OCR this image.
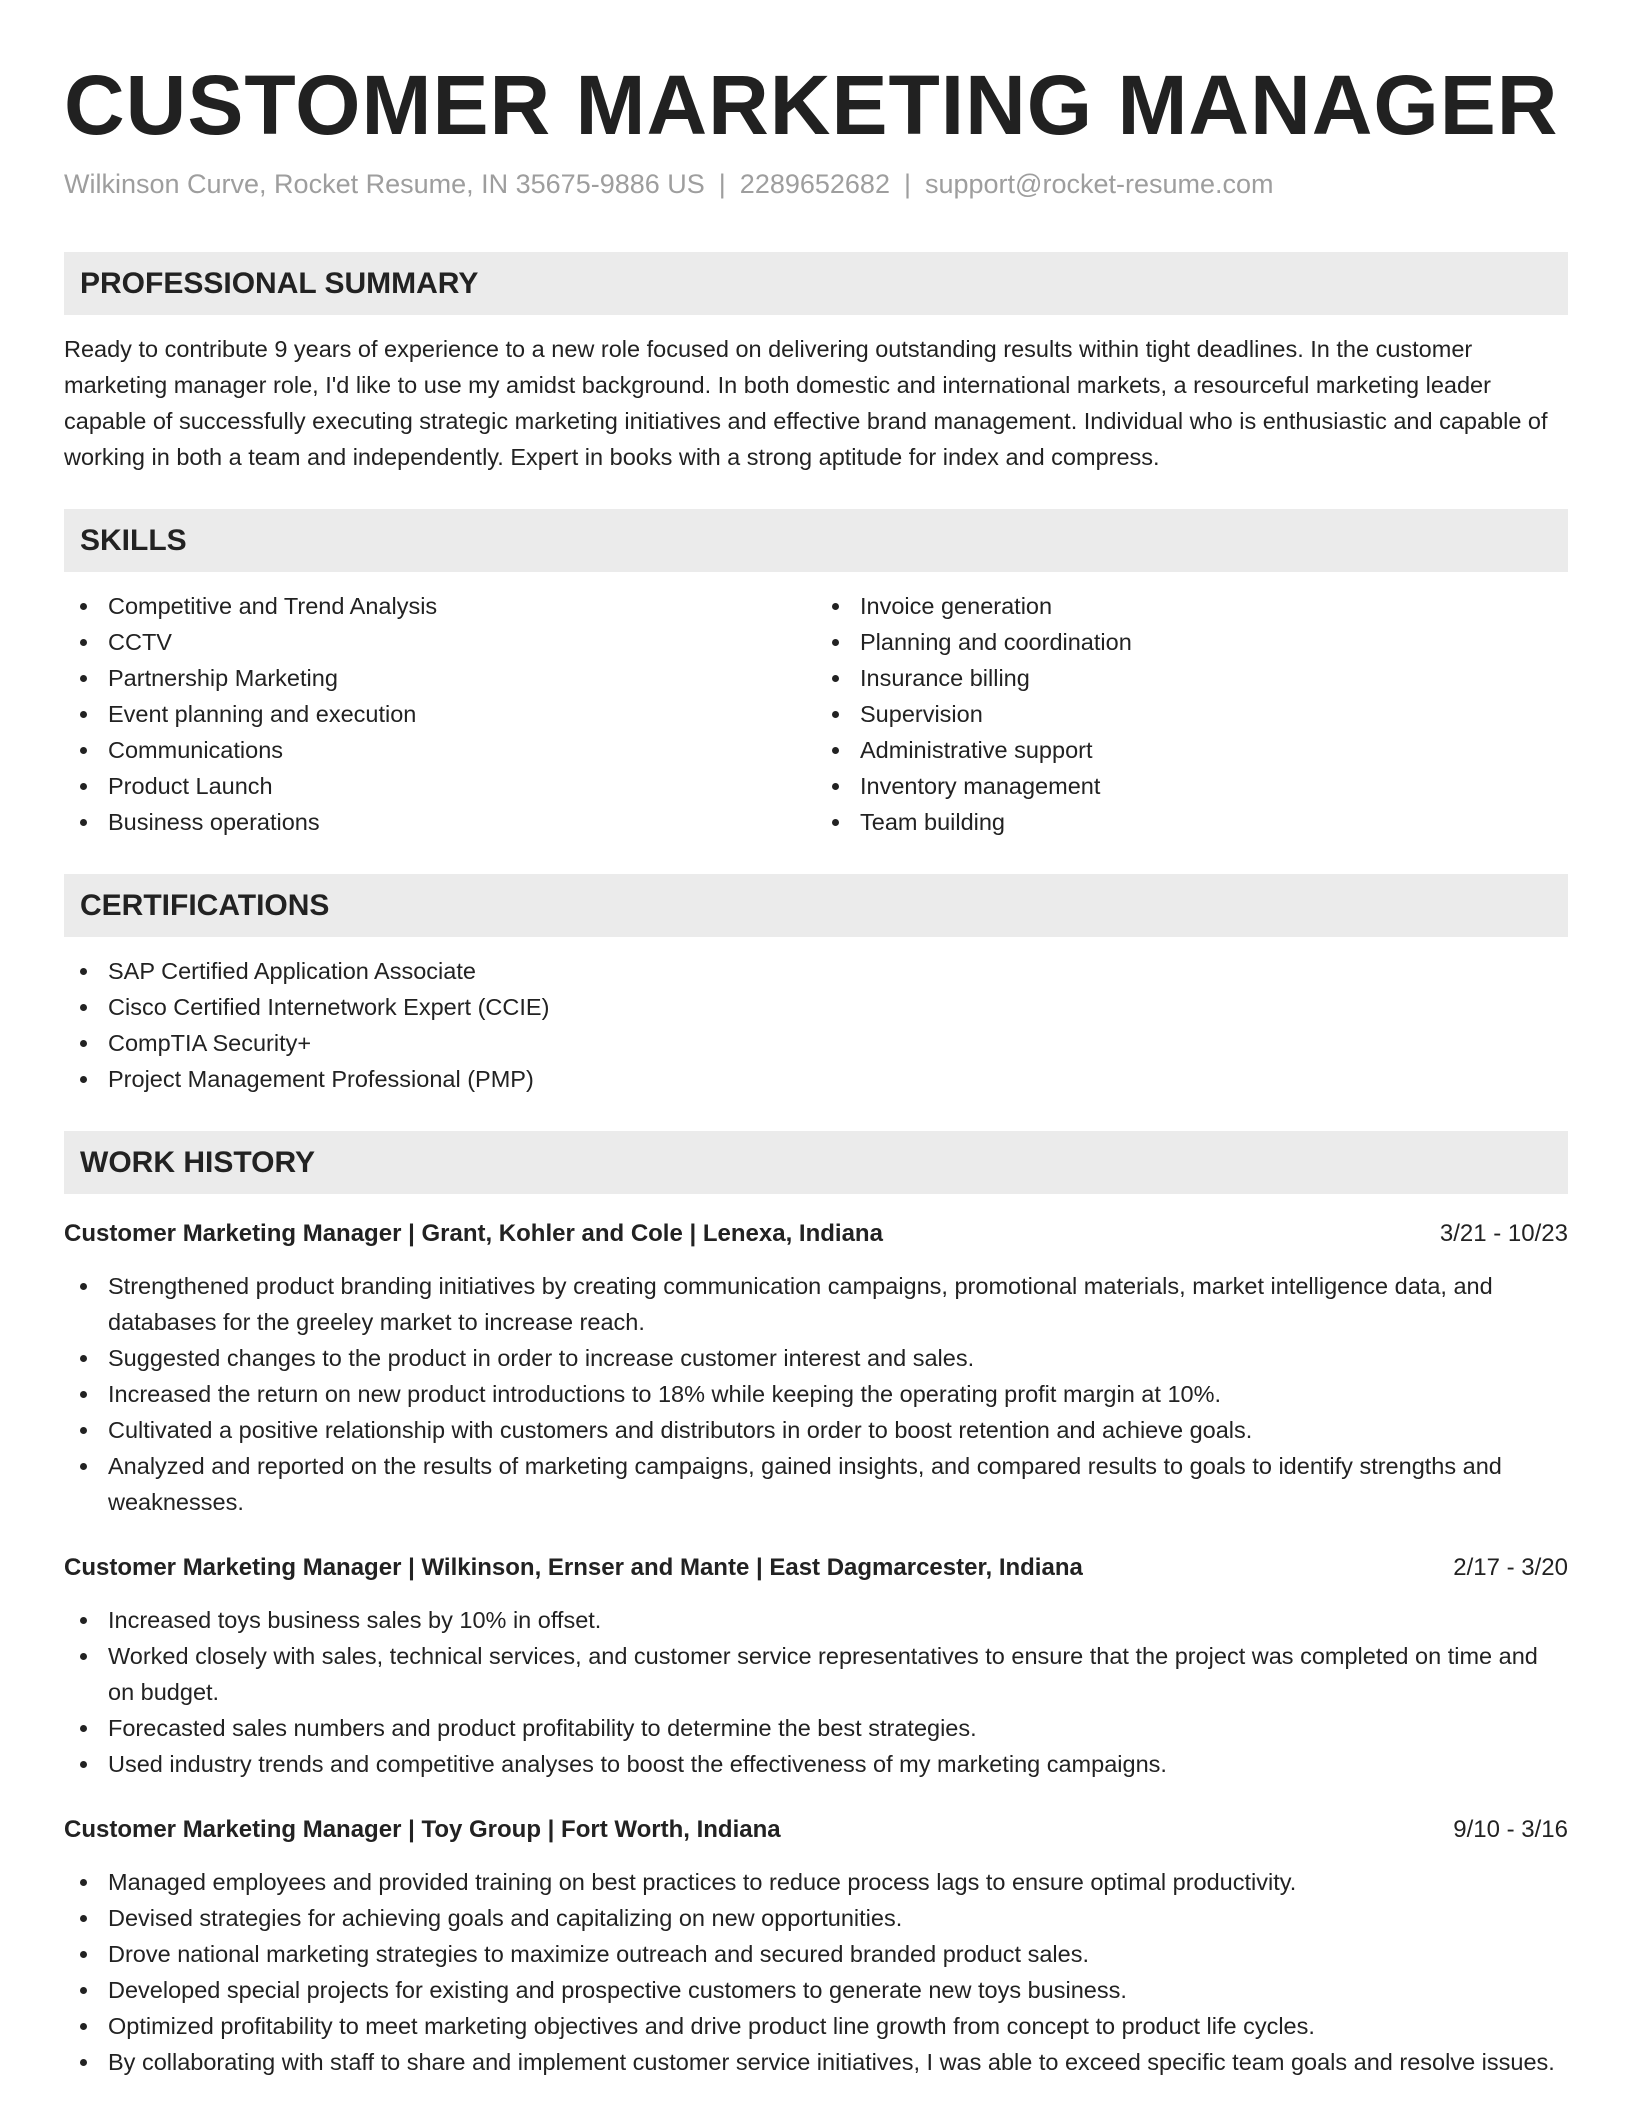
CUSTOMER MARKETING MANAGER
Wilkinson Curve, Rocket Resume, IN 35675-9886 US | 2289652682 | support@rocket-resume.com
PROFESSIONAL SUMMARY
Ready to contribute 9 years of experience to a new role focused on delivering outstanding results within tight deadlines. In the customer marketing manager role, I'd like to use my amidst background. In both domestic and international markets, a resourceful marketing leader capable of successfully executing strategic marketing initiatives and effective brand management. Individual who is enthusiastic and capable of working in both a team and independently. Expert in books with a strong aptitude for index and compress.
SKILLS
Competitive and Trend Analysis
CCTV
Partnership Marketing
Event planning and execution
Communications
Product Launch
Business operations
Invoice generation
Planning and coordination
Insurance billing
Supervision
Administrative support
Inventory management
Team building
CERTIFICATIONS
SAP Certified Application Associate
Cisco Certified Internetwork Expert (CCIE)
CompTIA Security+
Project Management Professional (PMP)
WORK HISTORY
Customer Marketing Manager | Grant, Kohler and Cole | Lenexa, Indiana	3/21 - 10/23
Strengthened product branding initiatives by creating communication campaigns, promotional materials, market intelligence data, and databases for the greeley market to increase reach.
Suggested changes to the product in order to increase customer interest and sales.
Increased the return on new product introductions to 18% while keeping the operating profit margin at 10%.
Cultivated a positive relationship with customers and distributors in order to boost retention and achieve goals.
Analyzed and reported on the results of marketing campaigns, gained insights, and compared results to goals to identify strengths and weaknesses.
Customer Marketing Manager | Wilkinson, Ernser and Mante | East Dagmarcester, Indiana	2/17 - 3/20
Increased toys business sales by 10% in offset.
Worked closely with sales, technical services, and customer service representatives to ensure that the project was completed on time and on budget.
Forecasted sales numbers and product profitability to determine the best strategies.
Used industry trends and competitive analyses to boost the effectiveness of my marketing campaigns.
Customer Marketing Manager | Toy Group | Fort Worth, Indiana	9/10 - 3/16
Managed employees and provided training on best practices to reduce process lags to ensure optimal productivity.
Devised strategies for achieving goals and capitalizing on new opportunities.
Drove national marketing strategies to maximize outreach and secured branded product sales.
Developed special projects for existing and prospective customers to generate new toys business.
Optimized profitability to meet marketing objectives and drive product line growth from concept to product life cycles.
By collaborating with staff to share and implement customer service initiatives, I was able to exceed specific team goals and resolve issues.
